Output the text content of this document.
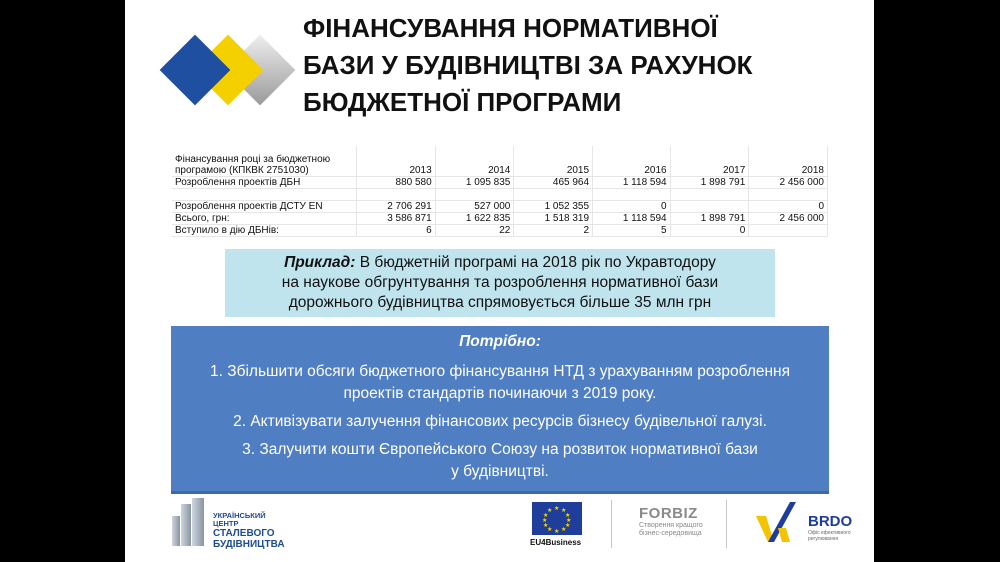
ФІНАНСУВАННЯ НОРМАТИВНОЇ
БАЗИ У БУДІВНИЦТВІ ЗА РАХУНОК
БЮДЖЕТНОЇ ПРОГРАМИ
Фінансування році за бюджетною програмою (КПКВК 2751030)	2013	2014	2015	2016	2017	2018
Розроблення проектів ДБН	880 580	1 095 835	465 964	1 118 594	1 898 791	2 456 000

Розроблення проектів ДСТУ EN	2 706 291	527 000	1 052 355	0		0
Всього, грн:	3 586 871	1 622 835	1 518 319	1 118 594	1 898 791	2 456 000
Вступило в дію ДБНів:	6	22	2	5	0	
Приклад: В бюджетній програмі на 2018 рік по Укравтодору
на наукове обгрунтування та розроблення нормативної бази
дорожнього будівництва спрямовується більше 35 млн грн
Потрібно:
1. Збільшити обсяги бюджетного фінансування НТД з урахуванням розроблення
проектів стандартів починаючи з 2019 року.
2. Активізувати залучення фінансових ресурсів бізнесу будівельної галузі.
3. Залучити кошти Європейського Союзу на розвиток нормативної бази
у будівництві.
УКРАЇНСЬКИЙ ЦЕНТР
СТАЛЕВОГО
БУДІВНИЦТВА
★ ★
★
★
★
★
★
★
★
★
★
★
EU4Business
FORBIZ
Створення кращого бізнес-середовища
BRDO
Офіс ефективного регулювання
